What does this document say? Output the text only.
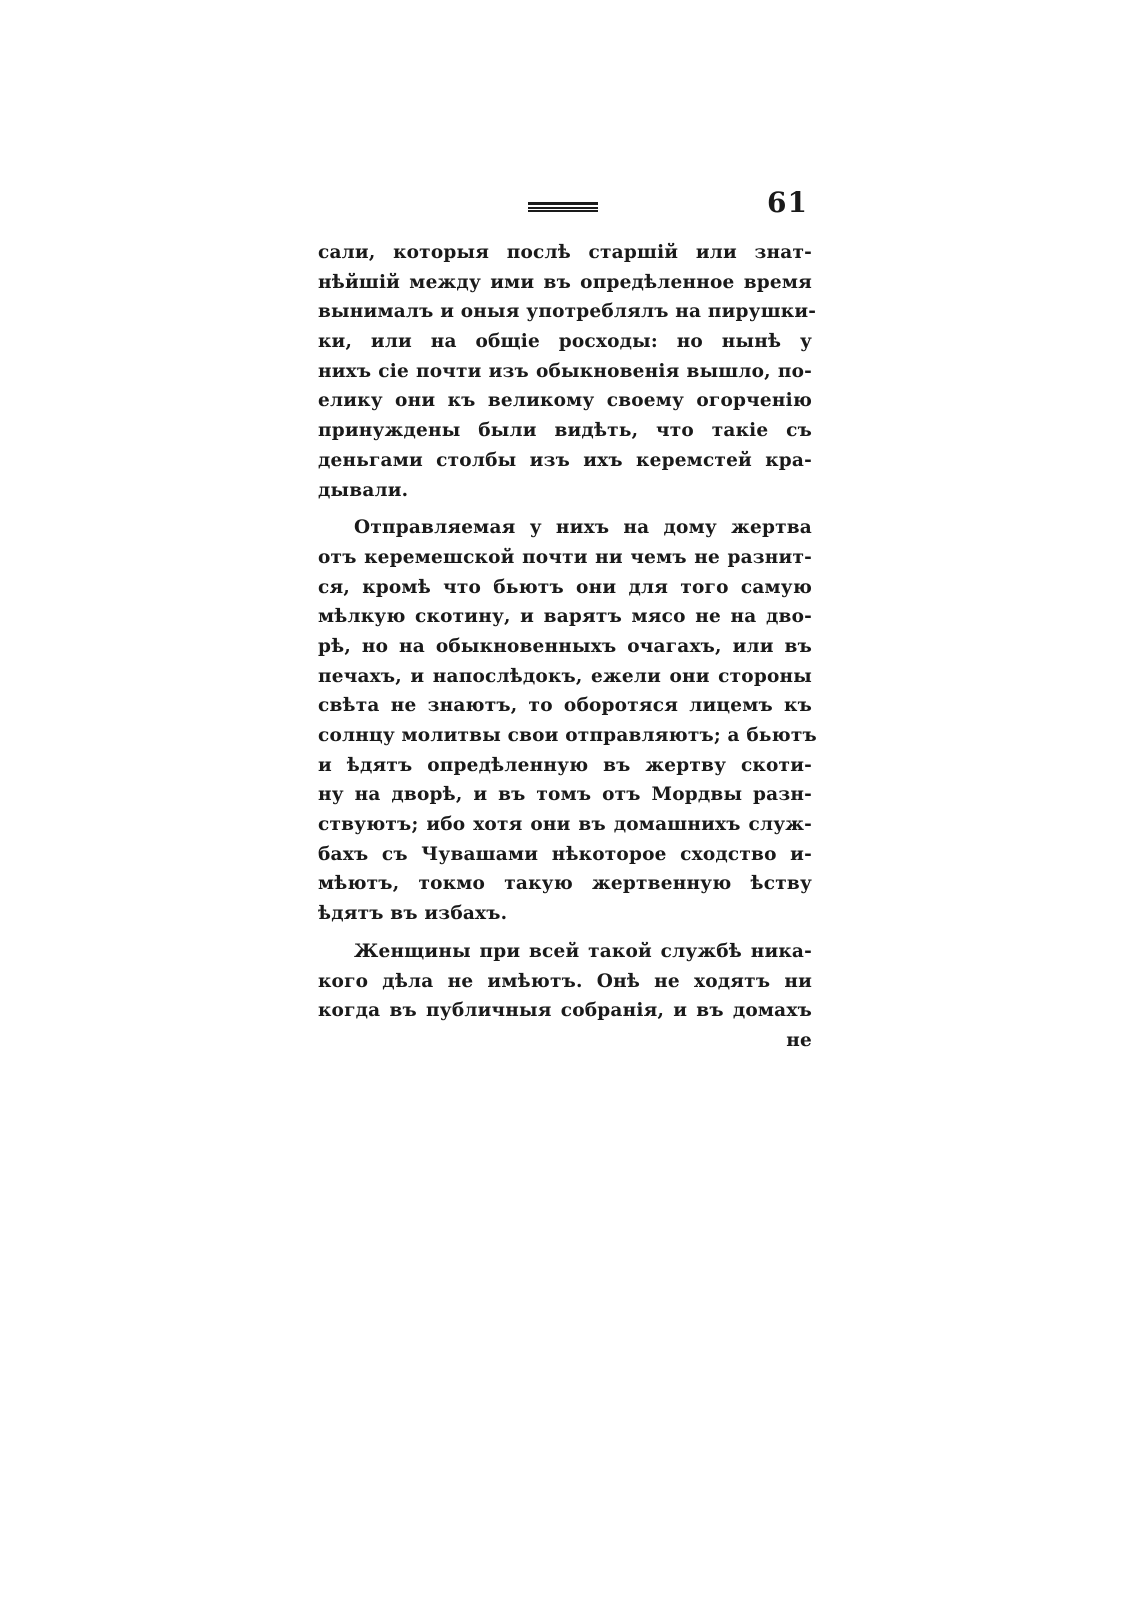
61
сали, которыя послѣ старшій или знат-
нѣйшій между ими въ опредѣленное время
вынималъ и оныя употреблялъ на пирушки-
ки, или на общіе росходы: но нынѣ у
нихъ сіе почти изъ обыкновенія вышло, по-
елику они къ великому своему огорченію
принуждены были видѣть, что такіе съ
деньгами столбы изъ ихъ керемстей кра-
дывали.
Отправляемая у нихъ на дому жертва
отъ керемешской почти ни чемъ не разнит-
ся, кромѣ что бьютъ они для того самую
мѣлкую скотину, и варятъ мясо не на дво-
рѣ, но на обыкновенныхъ очагахъ, или въ
печахъ, и напослѣдокъ, ежели они стороны
свѣта не знаютъ, то оборотяся лицемъ къ
солнцу молитвы свои отправляютъ; а бьютъ
и ѣдятъ опредѣленную въ жертву скоти-
ну на дворѣ, и въ томъ отъ Мордвы разн-
ствуютъ; ибо хотя они въ домашнихъ служ-
бахъ съ Чувашами нѣкоторое сходство и-
мѣютъ, токмо такую жертвенную ѣству
ѣдятъ въ избахъ.
Женщины при всей такой службѣ ника-
кого дѣла не имѣютъ. Онѣ не ходятъ ни
когда въ публичныя собранія, и въ домахъ
не
